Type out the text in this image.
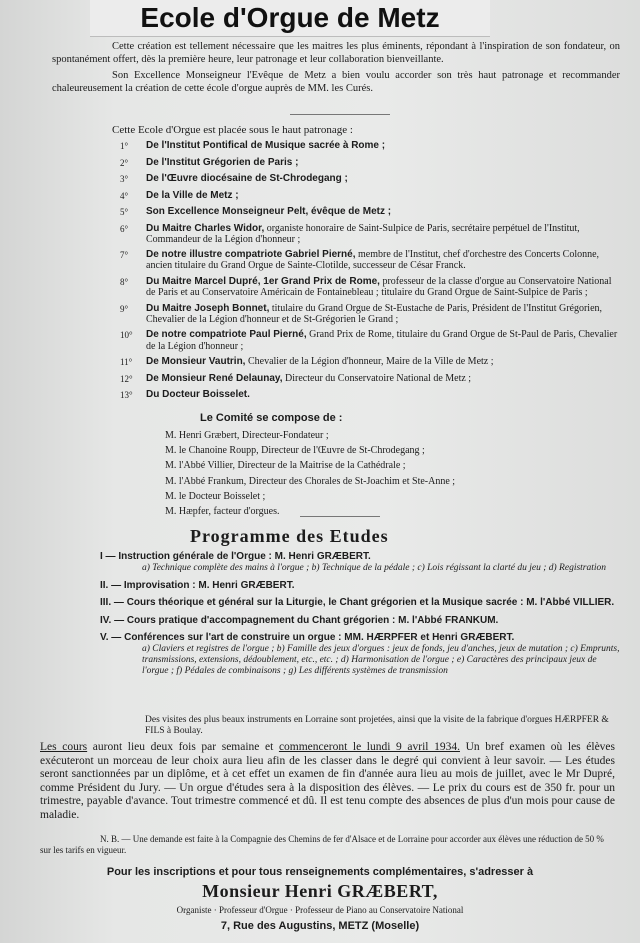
Ecole d'Orgue de Metz

Cette création est tellement nécessaire que les maitres les plus éminents, répondant à l'inspiration de son fondateur, on spontanément offert, dès la première heure, leur patronage et leur collaboration bienveillante.

Son Excellence Monseigneur l'Evêque de Metz a bien voulu accorder son très haut patronage et recommander chaleureusement la création de cette école d'orgue auprès de MM. les Curés.

Cette Ecole d'Orgue est placée sous le haut patronage :
1°	De l'Institut Pontifical de Musique sacrée à Rome ;
2°	De l'Institut Grégorien de Paris ;
3°	De l'Œuvre diocésaine de St-Chrodegang ;
4°	De la Ville de Metz ;
5°	Son Excellence Monseigneur Pelt, évêque de Metz ;
6°	Du Maitre Charles Widor, organiste honoraire de Saint-Sulpice de Paris, secrétaire perpétuel de l'Institut, Commandeur de la Légion d'honneur ;
7°	De notre illustre compatriote Gabriel Pierné, membre de l'Institut, chef d'orchestre des Concerts Colonne, ancien titulaire du Grand Orgue de Sainte-Clotilde, successeur de César Franck.
8°	Du Maitre Marcel Dupré, 1er Grand Prix de Rome, professeur de la classe d'orgue au Conservatoire National de Paris et au Conservatoire Américain de Fontainebleau ; titulaire du Grand Orgue de Saint-Sulpice de Paris ;
9°	Du Maitre Joseph Bonnet, titulaire du Grand Orgue de St-Eustache de Paris, Président de l'Institut Grégorien, Chevalier de la Légion d'honneur et de St-Grégorien le Grand ;
10°	De notre compatriote Paul Pierné, Grand Prix de Rome, titulaire du Grand Orgue de St-Paul de Paris, Chevalier de la Légion d'honneur ;
11°	De Monsieur Vautrin, Chevalier de la Légion d'honneur, Maire de la Ville de Metz ;
12°	De Monsieur René Delaunay, Directeur du Conservatoire National de Metz ;
13°	Du Docteur Boisselet.
Le Comité se compose de :
M. Henri Græbert, Directeur-Fondateur ;
M. le Chanoine Roupp, Directeur de l'Œuvre de St-Chrodegang ;
M. l'Abbé Villier, Directeur de la Maitrise de la Cathédrale ;
M. l'Abbé Frankum, Directeur des Chorales de St-Joachim et Ste-Anne ;
M. le Docteur Boisselet ;
M. Hæpfer, facteur d'orgues.
Programme des Etudes
I — Instruction générale de l'Orgue : M. Henri GRÆBERT.
a) Technique complète des mains à l'orgue ; b) Technique de la pédale ; c) Lois régissant la clarté du jeu ; d) Registration
II. — Improvisation : M. Henri GRÆBERT.
III. — Cours théorique et général sur la Liturgie, le Chant grégorien et la Musique sacrée : M. l'Abbé VILLIER.
IV. — Cours pratique d'accompagnement du Chant grégorien : M. l'Abbé FRANKUM.
V. — Conférences sur l'art de construire un orgue : MM. HÆRPFER et Henri GRÆBERT.
a) Claviers et registres de l'orgue ; b) Famille des jeux d'orgues : jeux de fonds, jeu d'anches, jeux de mutation ; c) Emprunts, transmissions, extensions, dédoublement, etc., etc. ; d) Harmonisation de l'orgue ; e) Caractères des principaux jeux de l'orgue ; f) Pédales de combinaisons ; g) Les différents systèmes de transmission
Des visites des plus beaux instruments en Lorraine sont projetées, ainsi que la visite de la fabrique d'orgues HÆRPFER & FILS à Boulay.
Les cours auront lieu deux fois par semaine et commenceront le lundi 9 avril 1934. Un bref examen où les élèves exécuteront un morceau de leur choix aura lieu afin de les classer dans le degré qui convient à leur savoir. — Les études seront sanctionnées par un diplôme, et à cet effet un examen de fin d'année aura lieu au mois de juillet, avec le Mr Dupré, comme Président du Jury. — Un orgue d'études sera à la disposition des élèves. — Le prix du cours est de 350 fr. pour un trimestre, payable d'avance. Tout trimestre commencé et dû. Il est tenu compte des absences de plus d'un mois pour cause de maladie.
N. B. — Une demande est faite à la Compagnie des Chemins de fer d'Alsace et de Lorraine pour accorder aux élèves une réduction de 50 % sur les tarifs en vigueur.
Pour les inscriptions et pour tous renseignements complémentaires, s'adresser à
Monsieur Henri GRÆBERT,
Organiste · Professeur d'Orgue · Professeur de Piano au Conservatoire National
7, Rue des Augustins, METZ (Moselle)
